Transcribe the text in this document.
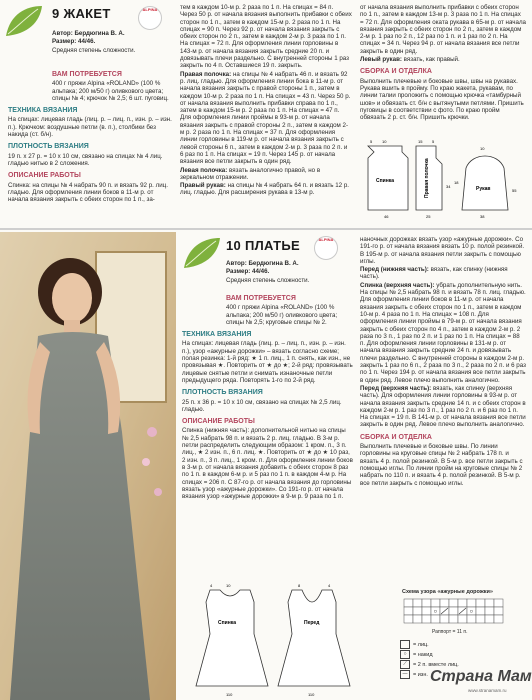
9 ЖАКЕТ	ALPINA

Автор: Бердюгина В. А.

Размер: 44/46.

Средняя степень сложности.

ВАМ ПОТРЕБУЕТСЯ

400 г пряжи Alpina «ROLAND» (100 % альпака; 200 м/50 г) оливкового цвета; спицы № 4; крючок № 2,5; 6 шт. пуговиц.

ТЕХНИКА ВЯЗАНИЯ

На спицах: лицевая гладь (лиц. р. – лиц. п., изн. р. – изн. п.). Крючком: воздушные петли (в. п.), столбики без накида (ст. б/н).

ПЛОТНОСТЬ ВЯЗАНИЯ

19 п. х 27 р. = 10 х 10 см, связано на спицах № 4 лиц. гладью нитью в 2 сложения.

ОПИСАНИЕ РАБОТЫ

Спинка: на спицы № 4 набрать 90 п. и вязать 92 р. лиц. гладью. Для оформления линии боков в 11-м р. от начала вязания закрыть с обеих сторон по 1 п., за-

тем в каждом 10-м р. 2 раза по 1 п. На спицах = 84 п. Через 50 р. от начала вязания выполнить прибавки с обеих сторон по 1 п., затем в каждом 15-м р. 2 раза по 1 п. На спицах = 90 п. Через 92 р. от начала вязания закрыть с обеих сторон по 2 п., затем в каждом 2-м р. 3 раза по 1 п. На спицах = 72 п. Для оформления линии горловины в 143-м р. от начала вязания закрыть средние 20 п. и довязывать плечи раздельно. С внутренней стороны 1 раз закрыть по 4 п. Оставшиеся 19 п. закрыть.

Правая полочка: на спицы № 4 набрать 46 п. и вязать 92 р. лиц. гладью. Для оформления линии бока в 11-м р. от начала вязания закрыть с правой стороны 1 п., затем в каждом 10-м р. 2 раза по 1 п. На спицах = 43 п. Через 50 р. от начала вязания выполнить прибавки справа по 1 п., затем в каждом 15-м р. 2 раза по 1 п. На спицах = 47 п. Для оформления линии проймы в 93-м р. от начала вязания закрыть с правой стороны 2 п., затем в каждом 2-м р. 2 раза по 1 п. На спицах = 37 п. Для оформления линии горловины в 119-м р. от начала вязания закрыть с левой стороны 6 п., затем в каждом 2-м р. 3 раза по 2 п. и 6 раз по 1 п. На спицах = 19 п. Через 145 р. от начала вязания все петли закрыть в один ряд.

Левая полочка: вязать аналогично правой, но в зеркальном отражении.

Правый рукав: на спицы № 4 набрать 64 п. и вязать 12 р. лиц. гладью. Для расширения рукава в 13-м р.

от начала вязания выполнить прибавки с обеих сторон по 1 п., затем в каждом 13-м р. 3 раза по 1 п. На спицах = 72 п. Для оформления оката рукава в 65-м р. от начала вязания закрыть с обеих сторон по 2 п., затем в каждом 2-м р. 1 раз по 2 п., 12 раз по 1 п. и 1 раз по 2 п. На спицах = 34 п. Через 94 р. от начала вязания все петли закрыть в один ряд.

Левый рукав: вязать, как правый.

СБОРКА И ОТДЕЛКА

Выполнить плечевые и боковые швы, швы на рукавах. Рукава вшить в пройму. По краю жакета, рукавам, по линии талии проложить с помощью крючка «тамбурный шов» и обвязать ст. б/н с вытянутыми петлями. Пришить пуговицы в соответствии с фото. По краю пройм обвязать 2 р. ст. б/н. Пришить крючки.

Спинка	Правая полочка	Рукав
5 10	15 5
34
46	25
18
55
38
10
10 ПЛАТЬЕ	ALPINA

Автор: Бердюгина В. А.

Размер: 44/46.

Средняя степень сложности.

ВАМ ПОТРЕБУЕТСЯ

400 г пряжи Alpina «ROLAND» (100 % альпака; 200 м/50 г) оливкового цвета; спицы № 2,5; круговые спицы № 2.

ТЕХНИКА ВЯЗАНИЯ

На спицах: лицевая гладь (лиц. р. – лиц. п., изн. р. – изн. п.), узор «ажурные дорожки» – вязать согласно схеме; полая резинка: 1-й ряд: ★ 1 п. лиц., 1 п. снять, как изн., не провязывая ★. Повторить от ★ до ★; 2-й ряд: провязывать лицевые снятые петли и снимать изнаночные петли предыдущего ряда. Повторять 1-го по 2-й ряд.

ПЛОТНОСТЬ ВЯЗАНИЯ

25 п. х 36 р. = 10 х 10 см, связано на спицах № 2,5 лиц. гладью.

ОПИСАНИЕ РАБОТЫ

Спинка (нижняя часть): дополнительной нитью на спицы № 2,5 набрать 98 п. и вязать 2 р. лиц. гладью. В 3-м р. петли распределить следующим образом: 1 кром. п., 3 п. лиц., ★ 2 изн. п., 6 п. лиц. ★. Повторить от ★ до ★ 10 раз, 2 изн. п., 3 п. лиц., 1 кром. п. Для оформления линии боков в 3-м р. от начала вязания добавить с обеих сторон 8 раз по 1 п. в каждом 6-м р. и 5 раз по 1 п. в каждом 4-м р. На спицах = 206 п. С 87-го р. от начала вязания до горловины вязать узор «ажурные дорожки». Со 191-го р. от начала вязания узор «ажурные дорожки» в 9-м р. 9 раза по 1 п.

Спинка	Перед
4	10	8	4
110	110

наночных дорожках вязать узор «ажурные дорожки». Со 191-го р. от начала вязания вязать 10 р. полой резинкой. В 195-м р. от начала вязания петли закрыть с помощью иглы.

Перед (нижняя часть): вязать, как спинку (нижняя часть).

Спинка (верхняя часть): убрать дополнительную нить. На спицы № 2,5 набрать 98 п. и вязать 78 п. лиц. гладью. Для оформления линии боков в 11-м р. от начала вязания закрыть с обеих сторон по 1 п., затем в каждом 10-м р. 4 раза по 1 п. На спицах = 108 п. Для оформления линии проймы в 79-м р. от начала вязания закрыть с обеих сторон по 4 п., затем в каждом 2-м р. 2 раза по 3 п., 1 раз по 2 п. и 1 раз по 1 п. На спицах = 88 п. Для оформления линии горловины в 131-м р. от начала вязания закрыть средние 24 п. и довязывать плечи раздельно. С внутренней стороны в каждом 2-м р. закрыть 1 раз по 6 п., 2 раза по 3 п., 2 раза по 2 п. и 6 раз по 1 п. Через 194 р. от начала вязания все петли закрыть в один ряд. Левое плечо выполнить аналогично.

Перед (верхняя часть): вязать, как спинку (верхняя часть). Для оформления линии горловины в 93-м р. от начала вязания закрыть средние 14 п. и с обеих сторон в каждом 2-м р. 1 раз по 3 п., 1 раз по 2 п. и 6 раз по 1 п. На спицах = 19 п. В 141-м р. от начала вязания все петли закрыть в один ряд. Левое плечо выполнить аналогично.

СБОРКА И ОТДЕЛКА

Выполнить плечевые и боковые швы. По линии горловины на круговые спицы № 2 набрать 178 п. и вязать 4 р. полой резинкой. В 5-м р. все петли закрыть с помощью иглы. По линии пройм на круговые спицы № 2 набрать по 110 п. и вязать 4 р. полой резинкой. В 5-м р. все петли закрыть с помощью иглы.

Схема узора «ажурные дорожки»
○	○
Раппорт = 11 п.
= лиц.
○ = накид
⟋ = 2 п. вместе лиц.
— = изн. Страна Мам
www.stranamam.ru
